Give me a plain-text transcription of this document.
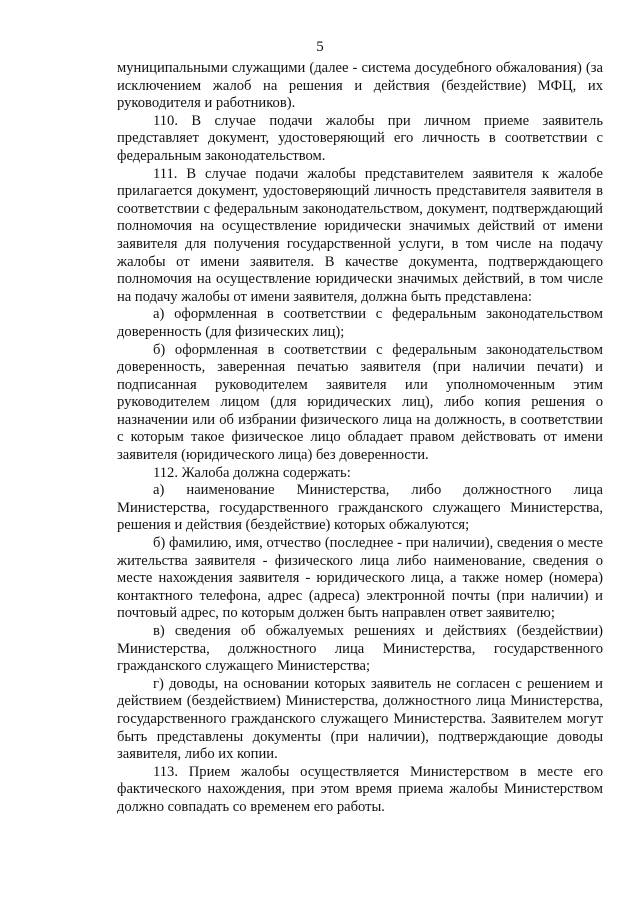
5

муниципальными служащими (далее - система досудебного обжалования) (за исключением жалоб на решения и действия (бездействие) МФЦ, их руководителя и работников).

110. В случае подачи жалобы при личном приеме заявитель представляет документ, удостоверяющий его личность в соответствии с федеральным законодательством.

111. В случае подачи жалобы представителем заявителя к жалобе прилагается документ, удостоверяющий личность представителя заявителя в соответствии с федеральным законодательством, документ, подтверждающий полномочия на осуществление юридически значимых действий от имени заявителя для получения государственной услуги, в том числе на подачу жалобы от имени заявителя. В качестве документа, подтверждающего полномочия на осуществление юридически значимых действий, в том числе на подачу жалобы от имени заявителя, должна быть представлена:

а) оформленная в соответствии с федеральным законодательством доверенность (для физических лиц);

б) оформленная в соответствии с федеральным законодательством доверенность, заверенная печатью заявителя (при наличии печати) и подписанная руководителем заявителя или уполномоченным этим руководителем лицом (для юридических лиц), либо копия решения о назначении или об избрании физического лица на должность, в соответствии с которым такое физическое лицо обладает правом действовать от имени заявителя (юридического лица) без доверенности.

112. Жалоба должна содержать:

а) наименование Министерства, либо должностного лица Министерства, государственного гражданского служащего Министерства, решения и действия (бездействие) которых обжалуются;

б) фамилию, имя, отчество (последнее - при наличии), сведения о месте жительства заявителя - физического лица либо наименование, сведения о месте нахождения заявителя - юридического лица, а также номер (номера) контактного телефона, адрес (адреса) электронной почты (при наличии) и почтовый адрес, по которым должен быть направлен ответ заявителю;

в) сведения об обжалуемых решениях и действиях (бездействии) Министерства, должностного лица Министерства, государственного гражданского служащего Министерства;

г) доводы, на основании которых заявитель не согласен с решением и действием (бездействием) Министерства, должностного лица Министерства, государственного гражданского служащего Министерства. Заявителем могут быть представлены документы (при наличии), подтверждающие доводы заявителя, либо их копии.

113. Прием жалобы осуществляется Министерством в месте его фактического нахождения, при этом время приема жалобы Министерством должно совпадать со временем его работы.
